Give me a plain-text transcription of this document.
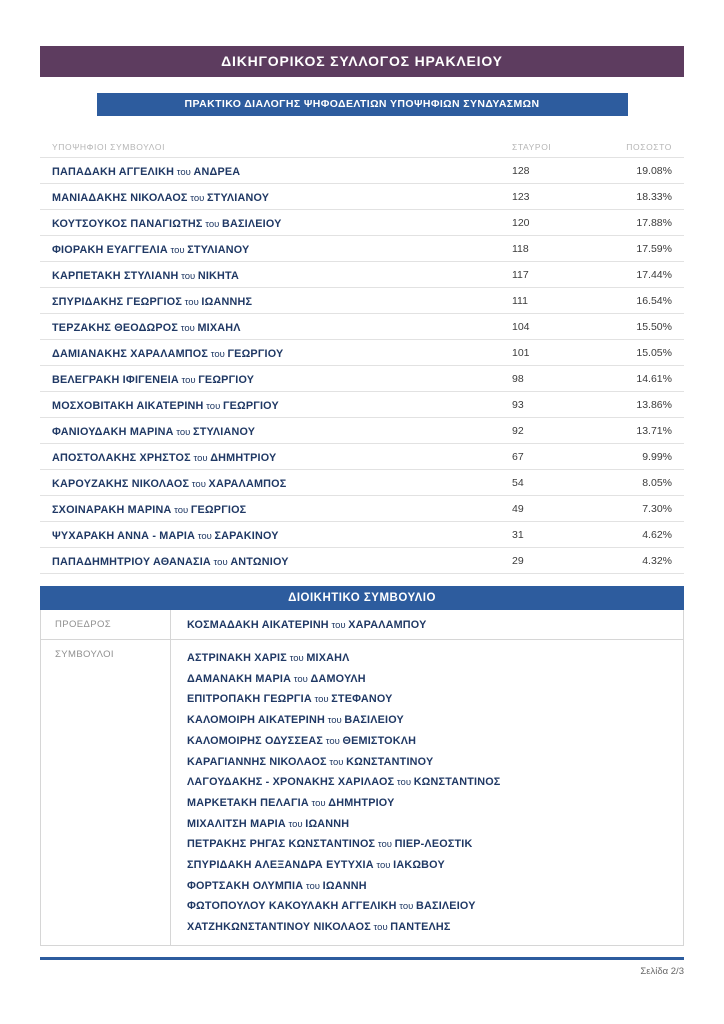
ΔΙΚΗΓΟΡΙΚΟΣ ΣΥΛΛΟΓΟΣ ΗΡΑΚΛΕΙΟΥ
ΠΡΑΚΤΙΚΟ ΔΙΑΛΟΓΗΣ ΨΗΦΟΔΕΛΤΙΩΝ ΥΠΟΨΗΦΙΩΝ ΣΥΝΔΥΑΣΜΩΝ
ΥΠΟΨΗΦΙΟΙ ΣΥΜΒΟΥΛΟΙ	ΣΤΑΥΡΟΙ	ΠΟΣΟΣΤΟ
ΠΑΠΑΔΑΚΗ ΑΓΓΕΛΙΚΗ του ΑΝΔΡΕΑ	128	19.08%
ΜΑΝΙΑΔΑΚΗΣ ΝΙΚΟΛΑΟΣ του ΣΤΥΛΙΑΝΟΥ	123	18.33%
ΚΟΥΤΣΟΥΚΟΣ ΠΑΝΑΓΙΩΤΗΣ του ΒΑΣΙΛΕΙΟΥ	120	17.88%
ΦΙΟΡΑΚΗ ΕΥΑΓΓΕΛΙΑ του ΣΤΥΛΙΑΝΟΥ	118	17.59%
ΚΑΡΠΕΤΑΚΗ ΣΤΥΛΙΑΝΗ του ΝΙΚΗΤΑ	117	17.44%
ΣΠΥΡΙΔΑΚΗΣ ΓΕΩΡΓΙΟΣ του ΙΩΑΝΝΗΣ	111	16.54%
ΤΕΡΖΑΚΗΣ ΘΕΟΔΩΡΟΣ του ΜΙΧΑΗΛ	104	15.50%
ΔΑΜΙΑΝΑΚΗΣ ΧΑΡΑΛΑΜΠΟΣ του ΓΕΩΡΓΙΟΥ	101	15.05%
ΒΕΛΕΓΡΑΚΗ ΙΦΙΓΕΝΕΙΑ του ΓΕΩΡΓΙΟΥ	98	14.61%
ΜΟΣΧΟΒΙΤΑΚΗ ΑΙΚΑΤΕΡΙΝΗ του ΓΕΩΡΓΙΟΥ	93	13.86%
ΦΑΝΙΟΥΔΑΚΗ ΜΑΡΙΝΑ του ΣΤΥΛΙΑΝΟΥ	92	13.71%
ΑΠΟΣΤΟΛΑΚΗΣ ΧΡΗΣΤΟΣ του ΔΗΜΗΤΡΙΟΥ	67	9.99%
ΚΑΡΟΥΖΑΚΗΣ ΝΙΚΟΛΑΟΣ του ΧΑΡΑΛΑΜΠΟΣ	54	8.05%
ΣΧΟΙΝΑΡΑΚΗ ΜΑΡΙΝΑ του ΓΕΩΡΓΙΟΣ	49	7.30%
ΨΥΧΑΡΑΚΗ ΑΝΝΑ - ΜΑΡΙΑ του ΣΑΡΑΚΙΝΟΥ	31	4.62%
ΠΑΠΑΔΗΜΗΤΡΙΟΥ ΑΘΑΝΑΣΙΑ του ΑΝΤΩΝΙΟΥ	29	4.32%
ΔΙΟΙΚΗΤΙΚΟ ΣΥΜΒΟΥΛΙΟ
ΠΡΟΕΔΡΟΣ	ΚΟΣΜΑΔΑΚΗ ΑΙΚΑΤΕΡΙΝΗ του ΧΑΡΑΛΑΜΠΟΥ
ΣΥΜΒΟΥΛΟΙ	ΑΣΤΡΙΝΑΚΗ ΧΑΡΙΣ του ΜΙΧΑΗΛ
ΔΑΜΑΝΑΚΗ ΜΑΡΙΑ του ΔΑΜΟΥΛΗ
ΕΠΙΤΡΟΠΑΚΗ ΓΕΩΡΓΙΑ του ΣΤΕΦΑΝΟΥ
ΚΑΛΟΜΟΙΡΗ ΑΙΚΑΤΕΡΙΝΗ του ΒΑΣΙΛΕΙΟΥ
ΚΑΛΟΜΟΙΡΗΣ ΟΔΥΣΣΕΑΣ του ΘΕΜΙΣΤΟΚΛΗ
ΚΑΡΑΓΙΑΝΝΗΣ ΝΙΚΟΛΑΟΣ του ΚΩΝΣΤΑΝΤΙΝΟΥ
ΛΑΓΟΥΔΑΚΗΣ - ΧΡΟΝΑΚΗΣ ΧΑΡΙΛΑΟΣ του ΚΩΝΣΤΑΝΤΙΝΟΣ
ΜΑΡΚΕΤΑΚΗ ΠΕΛΑΓΙΑ του ΔΗΜΗΤΡΙΟΥ
ΜΙΧΑΛΙΤΣΗ ΜΑΡΙΑ του ΙΩΑΝΝΗ
ΠΕΤΡΑΚΗΣ ΡΗΓΑΣ ΚΩΝΣΤΑΝΤΙΝΟΣ του ΠΙΕΡ-ΛΕΟΣΤΙΚ
ΣΠΥΡΙΔΑΚΗ ΑΛΕΞΑΝΔΡΑ ΕΥΤΥΧΙΑ του ΙΑΚΩΒΟΥ
ΦΟΡΤΣΑΚΗ ΟΛΥΜΠΙΑ του ΙΩΑΝΝΗ
ΦΩΤΟΠΟΥΛΟΥ ΚΑΚΟΥΛΑΚΗ ΑΓΓΕΛΙΚΗ του ΒΑΣΙΛΕΙΟΥ
ΧΑΤΖΗΚΩΝΣΤΑΝΤΙΝΟΥ ΝΙΚΟΛΑΟΣ του ΠΑΝΤΕΛΗΣ
Σελίδα 2/3
